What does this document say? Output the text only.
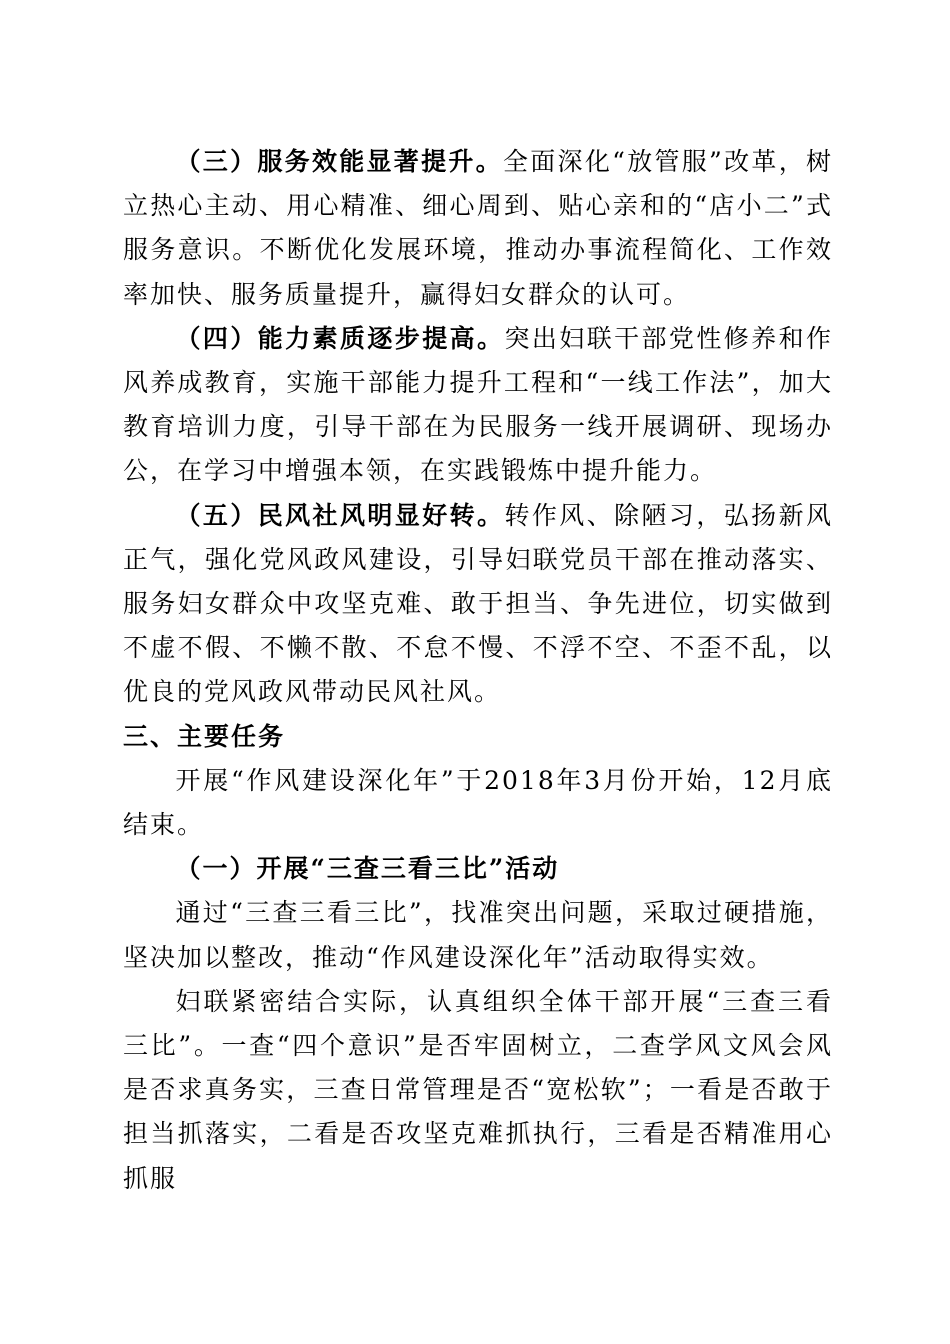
（三）服务效能显著提升。全面深化“放管服”改革，树立热心主动、用心精准、细心周到、贴心亲和的“店小二”式服务意识。不断优化发展环境，推动办事流程简化、工作效率加快、服务质量提升，赢得妇女群众的认可。

（四）能力素质逐步提高。突出妇联干部党性修养和作风养成教育，实施干部能力提升工程和“一线工作法”，加大教育培训力度，引导干部在为民服务一线开展调研、现场办公，在学习中增强本领，在实践锻炼中提升能力。

（五）民风社风明显好转。转作风、除陋习，弘扬新风正气，强化党风政风建设，引导妇联党员干部在推动落实、服务妇女群众中攻坚克难、敢于担当、争先进位，切实做到不虚不假、不懒不散、不怠不慢、不浮不空、不歪不乱，以优良的党风政风带动民风社风。

三、主要任务

开展“作风建设深化年”于2018年3月份开始，12月底结束。

（一）开展“三查三看三比”活动

通过“三查三看三比”，找准突出问题，采取过硬措施，坚决加以整改，推动“作风建设深化年”活动取得实效。

妇联紧密结合实际，认真组织全体干部开展“三查三看三比”。一查“四个意识”是否牢固树立，二查学风文风会风是否求真务实，三查日常管理是否“宽松软”；一看是否敢于担当抓落实，二看是否攻坚克难抓执行，三看是否精准用心抓服
